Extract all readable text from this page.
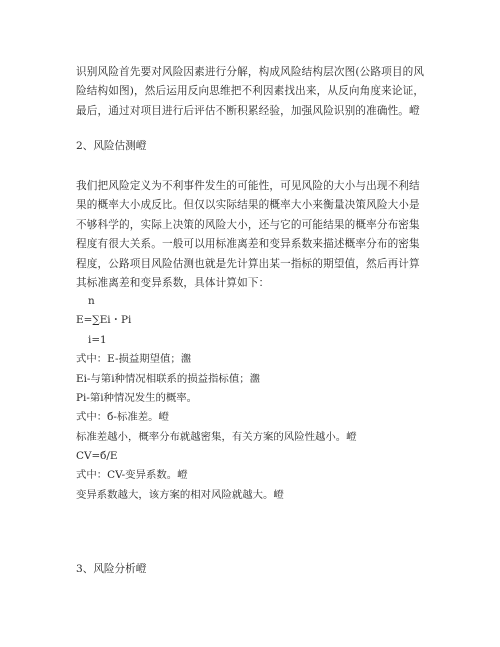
识别风险首先要对风险因素进行分解，构成风险结构层次图(公路项目的风险结构如图)，然后运用反向思维把不利因素找出来，从反向角度来论证，最后，通过对项目进行后评估不断积累经验，加强风险识别的准确性。嶝

2、风险估测嶝

我们把风险定义为不利事件发生的可能性，可见风险的大小与出现不利结果的概率大小成反比。但仅以实际结果的概率大小来衡量决策风险大小是不够科学的，实际上决策的风险大小，还与它的可能结果的概率分布密集程度有很大关系。一般可以用标准离差和变异系数来描述概率分布的密集程度，公路项目风险估测也就是先计算出某一指标的期望值，然后再计算其标准离差和变异系数，具体计算如下：

n

E=∑Ei・Pi

i=1

式中：E-损益期望值；瀊

Ei-与第i种情况相联系的损益指标值；瀊

Pi-第i种情况发生的概率。

式中：б-标准差。嶝

标准差越小，概率分布就越密集，有关方案的风险性越小。嶝

CV=б/E

式中：CV-变异系数。嶝

变异系数越大，该方案的相对风险就越大。嶝

3、风险分析嶝
